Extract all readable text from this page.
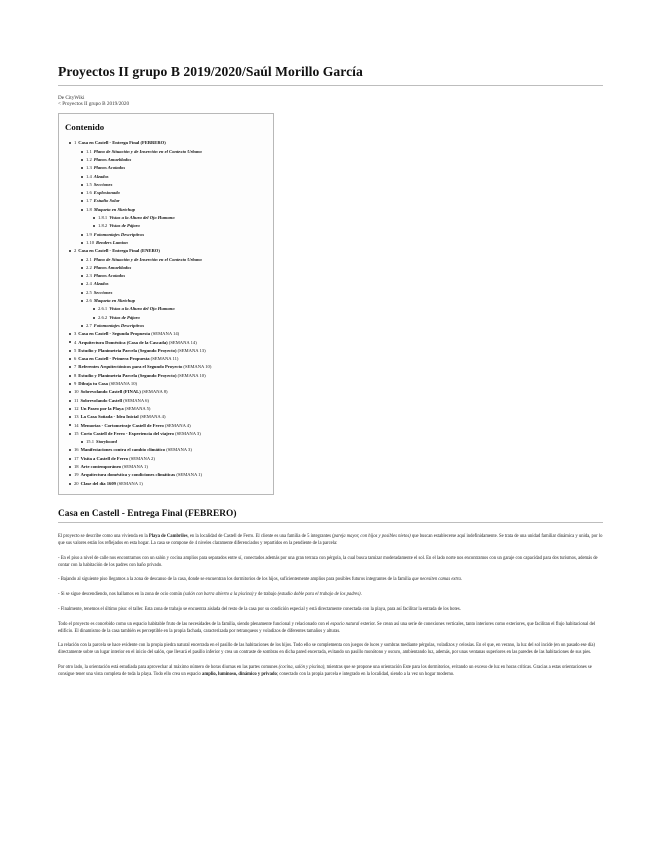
Proyectos II grupo B 2019/2020/Saúl Morillo García
De CityWiki
< Proyectos II grupo B 2019/2020
Contenido
1 Casa en Castell - Entrega Final (FEBRERO)
1.1 Plano de Situación y de Inserción en el Contexto Urbano
1.2 Planos Amueblados
1.3 Planos Acotados
1.4 Alzados
1.5 Secciones
1.6 Explosionado
1.7 Estudio Solar
1.8 Maqueta en Sketchup
1.8.1 Vistas a la Altura del Ojo Humano
1.8.2 Vistas de Pájaro
1.9 Fotomontajes Descriptivos
1.10 Renders Lumion
2 Casa en Castell - Entrega Final (ENERO)
2.1 Plano de Situación y de Inserción en el Contexto Urbano
2.2 Planos Amueblados
2.3 Planos Acotados
2.4 Alzados
2.5 Secciones
2.6 Maqueta en Sketchup
2.6.1 Vistas a la Altura del Ojo Humano
2.6.2 Vistas de Pájaro
2.7 Fotomontajes Descriptivos
3 Casa en Castell - Segunda Propuesta (SEMANA 14)
4 Arquitectura Doméstica (Casa de la Cascada) (SEMANA 14)
5 Estudio y Planimetría Parcela (Segundo Proyecto) (SEMANA 13)
6 Casa en Castell - Primera Propuesta (SEMANA 11)
7 Referentes Arquitectónicos para el Segundo Proyecto (SEMANA 10)
8 Estudio y Planimetría Parcela (Segundo Proyecto) (SEMANA 10)
9 Dibuja tu Casa (SEMANA 10)
10 Sobrevolando Castell (FINAL) (SEMANA 8)
11 Sobrevolando Castell (SEMANA 6)
12 Un Paseo por la Playa (SEMANA 5)
13 La Casa Soñada - Idea Inicial (SEMANA 4)
14 Memorias - Cortometraje Castell de Ferro (SEMANA 4)
15 Corto Castell de Ferro - Experiencia del viajero (SEMANA 3)
15.1 Storyboard
16 Manifestaciones contra el cambio climático (SEMANA 3)
17 Visita a Castell de Ferro (SEMANA 2)
18 Arte contemporáneo (SEMANA 1)
19 Arquitectura doméstica y condiciones climáticas (SEMANA 1)
20 Clase del día 1609 (SEMANA 1)
Casa en Castell - Entrega Final (FEBRERO)

El proyecto se describe como una vivienda en la Playa de Cambriles, en la localidad de Castell de Ferro. El cliente es una familia de 5 integrantes (pareja mayor, con hijos y posibles nietos) que buscan establecerse aquí indefinidamente. Se trata de una unidad familiar dinámica y unida, por lo que sus valores están los reflejados en esta hogar. La casa se compone de 4 niveles claramente diferenciados y repartidos en la pendiente de la parcela:

- En el piso a nivel de calle nos encontramos con un salón y cocina amplios para separados entre sí, conectados además por una gran terraza con pérgola, la cual busca tamizar moderadamente el sol. En el lado norte nos encontramos con un garaje con capacidad para dos turismos, además de contar con la habitación de los padres con baño privado.

- Bajando al siguiente piso llegamos a la zona de descanso de la casa, donde se encuentran los dormitorios de los hijos, suficientemente amplios para posibles futuros integrantes de la familia que necesiten camas extra.

- Si se sigue descendiendo, nos hallamos en la zona de ocio común (salón con barra abierto a la piscina) y de trabajo (estudio doble para el trabajo de los padres).

- Finalmente, tenemos el último piso: el taller. Esta zona de trabajo se encuentra aislada del resto de la casa por su condición especial y está directamente conectada con la playa, para así facilitar la entrada de los botes.

Todo el proyecto es concebido como un espacio habitable fruto de las necesidades de la familia, siendo plenamente funcional y relacionado con el espacio natural exterior. Se crean así una serie de conexiones verticales, tanto interiores como exteriores, que facilitan el flujo habitacional del edificio. El dinamismo de la casa también es perceptible en la propia fachada, caracterizada por retranqueos y voladizos de diferentes tamaños y alturas.

La relación con la parcela se hace evidente con la propia piedra natural encerrada en el pasillo de las habitaciones de los hijos. Todo ello se complementa con juegos de luces y sombras mediante pérgolas, voladizos y celosías. En el que, en verano, la luz del sol incide (en on pasado ese día) directamente sobre un lugar interior en el inicio del salón, que llevará el pasillo inferior y crea un contraste de sombras en dicha pared encerrada, evitando un pasillo monótono y oscuro, ambientando luz, además, por unas ventanas superiores en las paredes de las habitaciones de sus pies.

Por otro lado, la orientación está estudiada para aprovechar al máximo número de horas diurnas en las partes comunes (cocina, salón y piscina), mientras que se propone una orientación Este para los dormitorios, evitando un exceso de luz en horas críticas. Gracias a estas orientaciones se consigue tener una vista completa de toda la playa. Todo ello crea un espacio amplio, luminoso, dinámico y privado; conectado con la propia parcela e integrado en la localidad, siendo a la vez un hogar moderno.
